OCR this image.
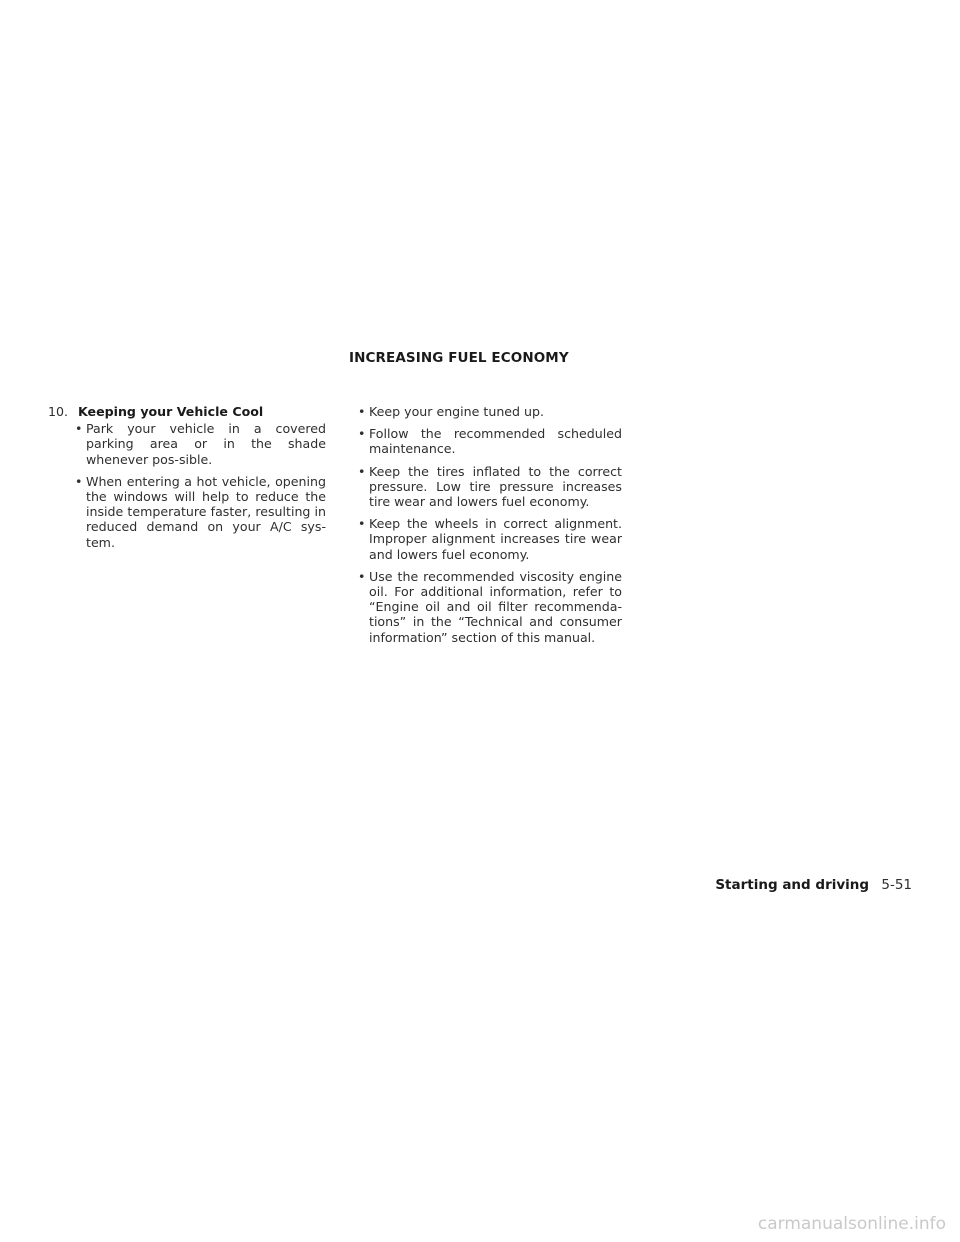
INCREASING FUEL ECONOMY
10. Keeping your Vehicle Cool
• Park your vehicle in a covered parking area or in the shade whenever pos-sible.
• When entering a hot vehicle, opening the windows will help to reduce the inside temperature faster, resulting in reduced demand on your A/C sys-tem.
• Keep your engine tuned up.
• Follow the recommended scheduled maintenance.
• Keep the tires inflated to the correct pressure. Low tire pressure increases tire wear and lowers fuel economy.
• Keep the wheels in correct alignment. Improper alignment increases tire wear and lowers fuel economy.
• Use the recommended viscosity engine oil. For additional information, refer to “Engine oil and oil filter recommenda-tions” in the “Technical and consumer information” section of this manual.
Starting and driving 5-51
carmanualsonline.info
